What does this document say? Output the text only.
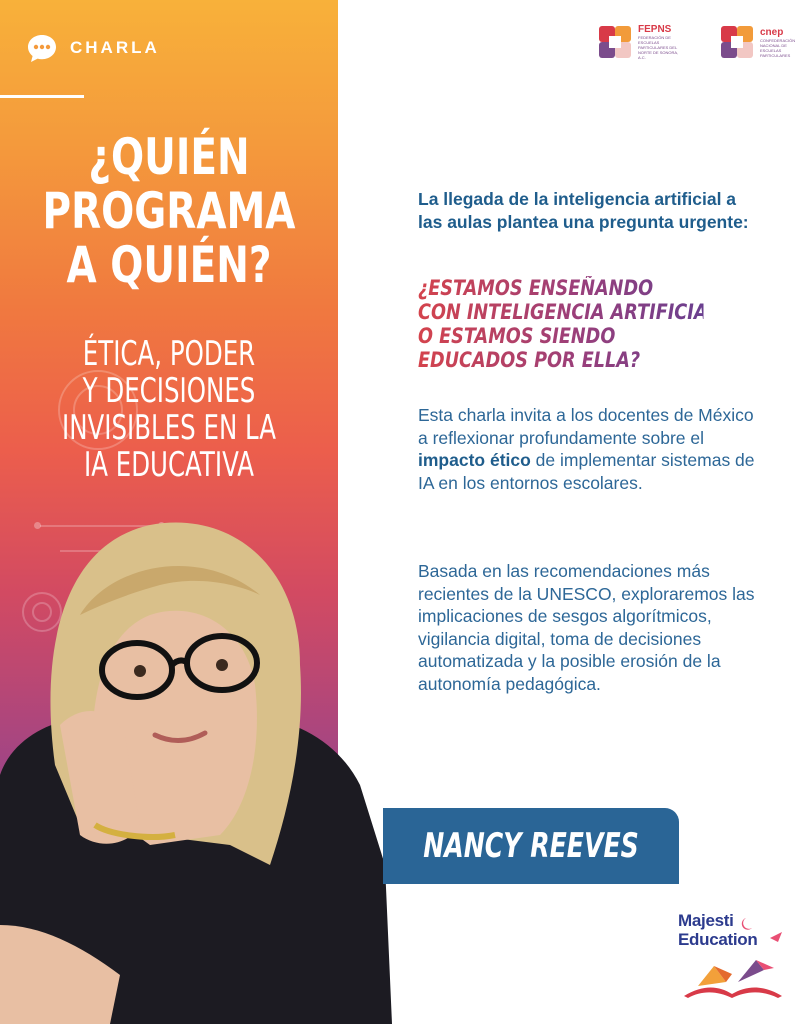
CHARLA
¿QUIÉN
PROGRAMA
A QUIÉN?
ÉTICA, PODER
Y DECISIONES
INVISIBLES EN LA
IA EDUCATIVA
FEPNS
FEDERACIÓN DE ESCUELAS PARTICULARES DEL NORTE DE SONORA, A.C.
cnep
CONFEDERACIÓN NACIONAL DE ESCUELAS PARTICULARES

La llegada de la inteligencia artificial a las aulas plantea una pregunta urgente:

¿ESTAMOS ENSEÑANDO
CON INTELIGENCIA ARTIFICIAL
O ESTAMOS SIENDO
EDUCADOS POR ELLA?

Esta charla invita a los docentes de México a reflexionar profundamente sobre el impacto ético de implementar sistemas de IA en los entornos escolares.

Basada en las recomendaciones más recientes de la UNESCO, exploraremos las implicaciones de sesgos algorítmicos, vigilancia digital, toma de decisiones automatizada y la posible erosión de la autonomía pedagógica.

NANCY REEVES
Majesti
Education
